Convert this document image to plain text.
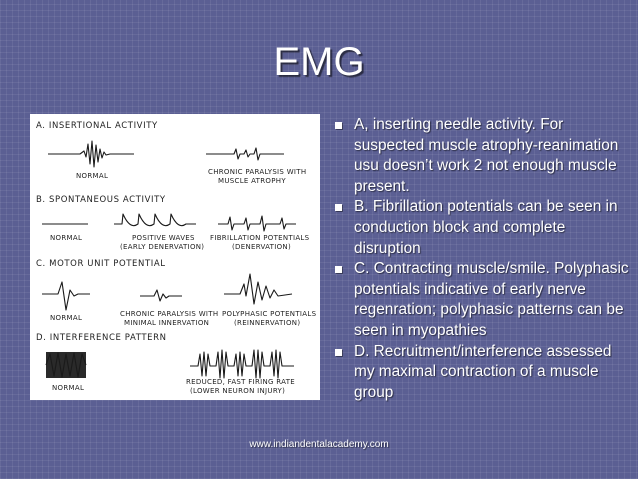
EMG
A. INSERTIONAL ACTIVITY
NORMAL	CHRONIC PARALYSIS WITH
MUSCLE ATROPHY
B. SPONTANEOUS ACTIVITY
NORMAL	POSITIVE WAVES
(EARLY DENERVATION)
FIBRILLATION POTENTIALS
(DENERVATION)
C. MOTOR UNIT POTENTIAL
NORMAL	CHRONIC PARALYSIS WITH
MINIMAL INNERVATION
POLYPHASIC POTENTIALS
(REINNERVATION)
D. INTERFERENCE PATTERN
NORMAL
REDUCED, FAST FIRING RATE
(LOWER NEURON INJURY)
A, inserting needle activity. For suspected muscle atrophy-reanimation usu doesn’t work 2 not enough muscle present.
B. Fibrillation potentials can be seen in conduction block and complete disruption
C. Contracting muscle/smile. Polyphasic potentials indicative of early nerve regenration; polyphasic patterns can be seen in myopathies
D. Recruitment/interference assessed my maximal contraction of a muscle group
www.indiandentalacademy.com
